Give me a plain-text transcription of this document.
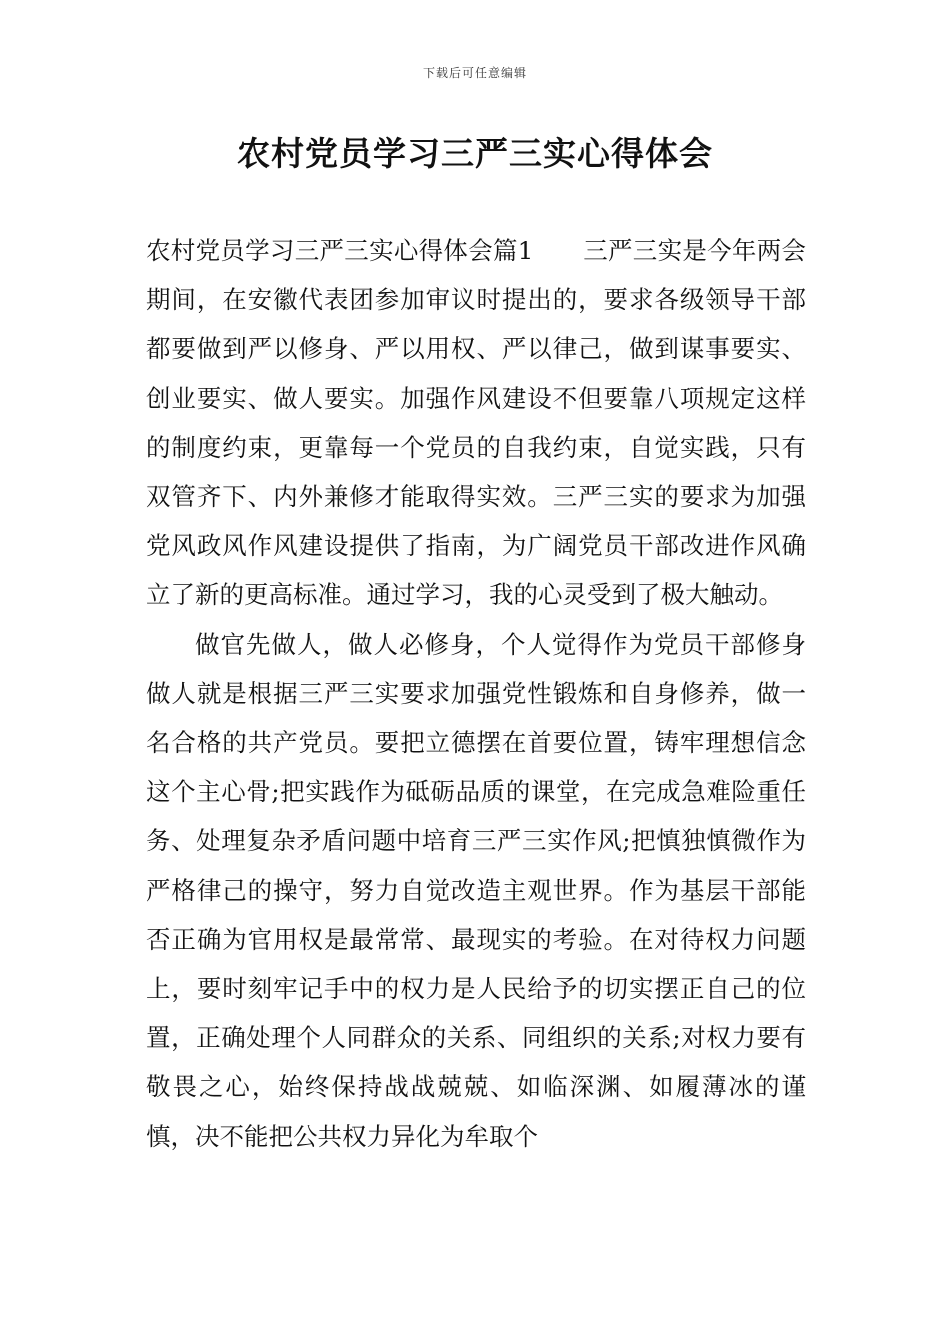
下载后可任意编辑
农村党员学习三严三实心得体会

农村党员学习三严三实心得体会篇1　　三严三实是今年两会期间，在安徽代表团参加审议时提出的，要求各级领导干部都要做到严以修身、严以用权、严以律己，做到谋事要实、创业要实、做人要实。加强作风建设不但要靠八项规定这样的制度约束，更靠每一个党员的自我约束，自觉实践，只有双管齐下、内外兼修才能取得实效。三严三实的要求为加强党风政风作风建设提供了指南，为广阔党员干部改进作风确立了新的更高标准。通过学习，我的心灵受到了极大触动。

做官先做人，做人必修身，个人觉得作为党员干部修身做人就是根据三严三实要求加强党性锻炼和自身修养，做一名合格的共产党员。要把立德摆在首要位置，铸牢理想信念这个主心骨;把实践作为砥砺品质的课堂，在完成急难险重任务、处理复杂矛盾问题中培育三严三实作风;把慎独慎微作为严格律己的操守，努力自觉改造主观世界。作为基层干部能否正确为官用权是最常常、最现实的考验。在对待权力问题上，要时刻牢记手中的权力是人民给予的切实摆正自己的位置，正确处理个人同群众的关系、同组织的关系;对权力要有敬畏之心，始终保持战战兢兢、如临深渊、如履薄冰的谨慎，决不能把公共权力异化为牟取个
